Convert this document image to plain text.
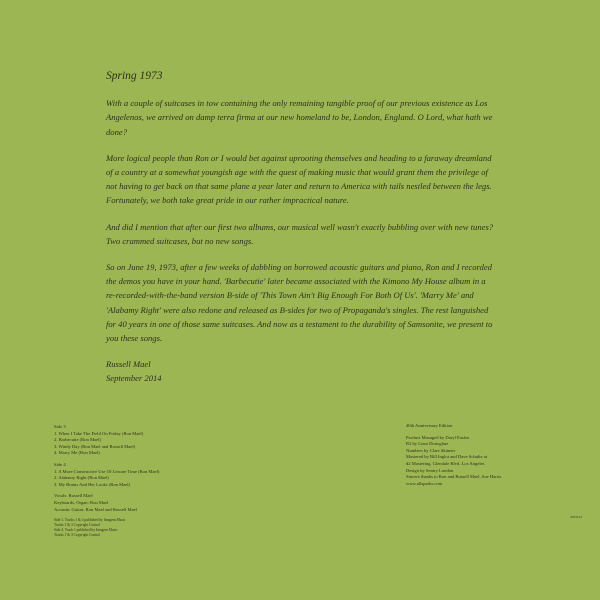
Spring 1973

With a couple of suitcases in tow containing the only remaining tangible proof of our previous existence as Los Angelenos, we arrived on damp terra firma at our new homeland to be, London, England. O Lord, what hath we done?

More logical people than Ron or I would bet against uprooting themselves and heading to a faraway dreamland of a country at a somewhat youngish age with the quest of making music that would grant them the privilege of not having to get back on that same plane a year later and return to America with tails nestled between the legs. Fortunately, we both take great pride in our rather impractical nature.

And did I mention that after our first two albums, our musical well wasn't exactly bubbling over with new tunes? Two crammed suitcases, but no new songs.

So on June 19, 1973, after a few weeks of dabbling on borrowed acoustic guitars and piano, Ron and I recorded the demos you have in your hand. 'Barbecutie' later became associated with the Kimono My House album in a re-recorded-with-the-band version B-side of 'This Town Ain't Big Enough For Both Of Us'. 'Marry Me' and 'Alabamy Right' were also redone and released as B-sides for two of Propaganda's singles. The rest languished for 40 years in one of those same suitcases. And now as a testament to the durability of Samsonite, we present to you these songs.

Russell Mael

September 2014

Side 3
1. When I Take The Field On Friday (Ron Mael)
2. Barbecutie (Ron Mael)
3. Windy Day (Ron Mael and Russell Mael)
4. Marry Me (Ron Mael)
Side 4
1. A More Constructive Use Of Leisure Time (Ron Mael)
2. Alabamy Right (Ron Mael)
3. My Brains And Her Looks (Ron Mael)
Vocals: Russell Mael
Keyboards, Organ: Ron Mael
Acoustic Guitar: Ron Mael and Russell Mael
Side 3. Tracks 1 & 4 published by Imagem Music
Tracks 1 & 3 Copyright Control
Side 4. Track 1 published by Imagem Music
Tracks 1 & 3 Copyright Control
40th Anniversary Edition
Product Managed by Daryl Easlea
R2 by Liam Donoghue
Numbers by Clare Skinner
Mastered by Bill Inglot and Dave Schultz at
d2 Mastering, Glendale Blvd, Los Angeles
Design by Sentry London
Sincere thanks to Ron and Russell Mael, Sue Harris
www.allsparks.com
4703152
